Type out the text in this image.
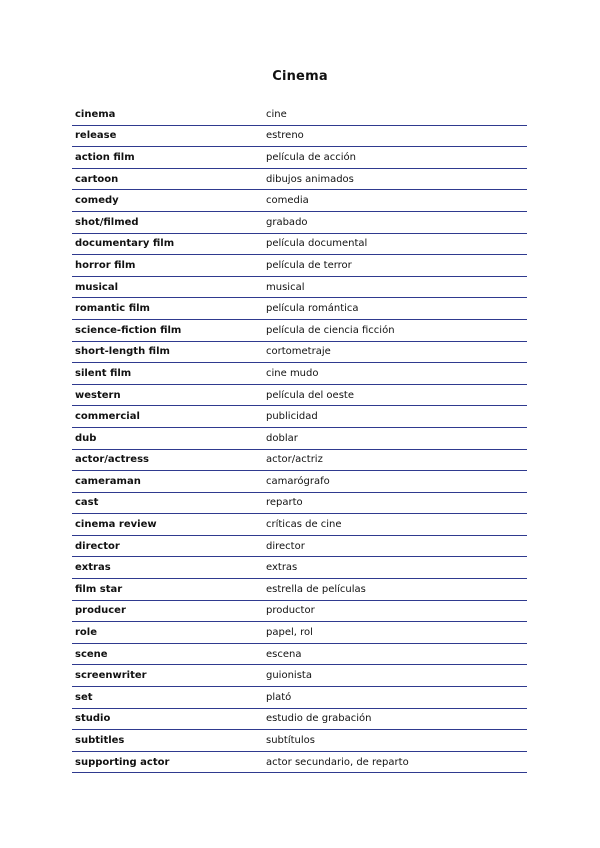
Cinema
cinema	cine
release	estreno
action film	película de acción
cartoon	dibujos animados
comedy	comedia
shot/filmed	grabado
documentary film	película documental
horror film	película de terror
musical	musical
romantic film	película romántica
science-fiction film	película de ciencia ficción
short-length film	cortometraje
silent film	cine mudo
western	película del oeste
commercial	publicidad
dub	doblar
actor/actress	actor/actriz
cameraman	camarógrafo
cast	reparto
cinema review	críticas de cine
director	director
extras	extras
film star	estrella de películas
producer	productor
role	papel, rol
scene	escena
screenwriter	guionista
set	plató
studio	estudio de grabación
subtitles	subtítulos
supporting actor	actor secundario, de reparto
